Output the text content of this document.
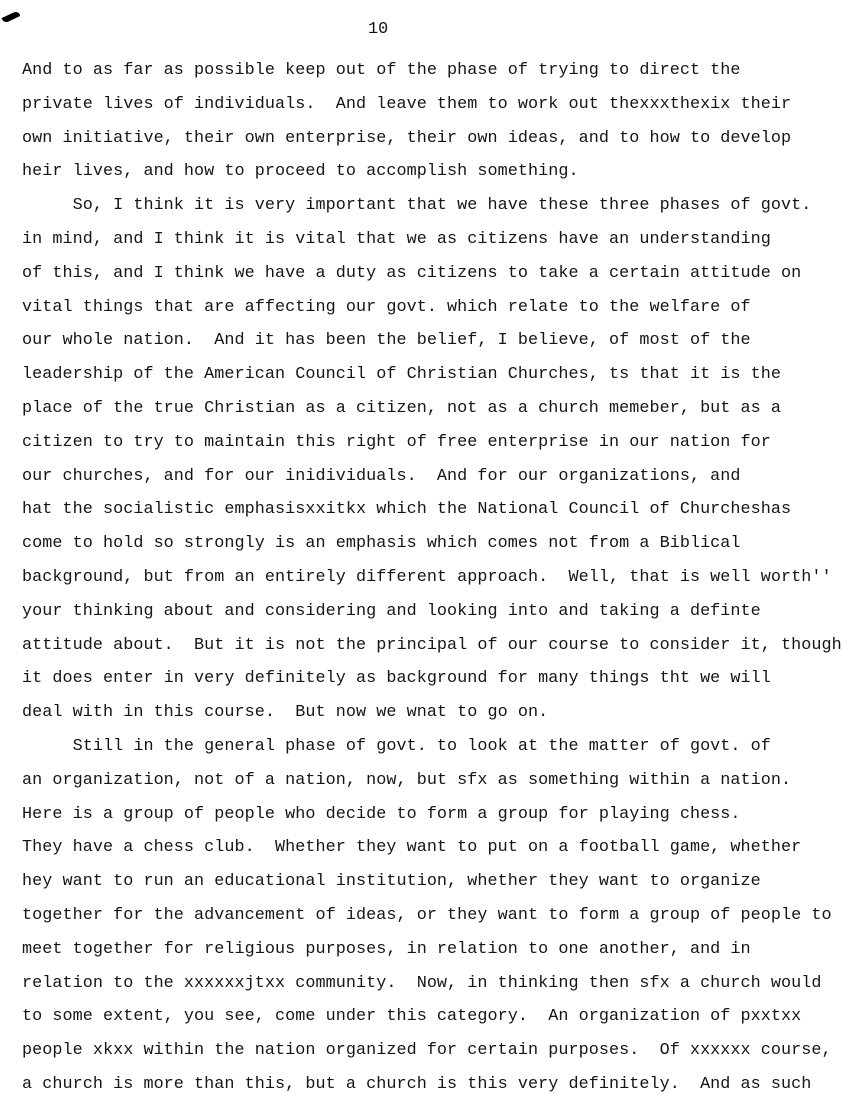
10
And to as far as possible keep out of the phase of trying to direct the
private lives of individuals.  And leave them to work out thexxxthexix their
own initiative, their own enterprise, their own ideas, and to how to develop
heir lives, and how to proceed to accomplish something.
So, I think it is very important that we have these three phases of govt.
in mind, and I think it is vital that we as citizens have an understanding
of this, and I think we have a duty as citizens to take a certain attitude on
vital things that are affecting our govt. which relate to the welfare of
our whole nation.  And it has been the belief, I believe, of most of the
leadership of the American Council of Christian Churches, ts that it is the
place of the true Christian as a citizen, not as a church memeber, but as a
citizen to try to maintain this right of free enterprise in our nation for
our churches, and for our inidividuals.  And for our organizations, and
hat the socialistic emphasisxxitkx which the National Council of Churcheshas
come to hold so strongly is an emphasis which comes not from a Biblical
background, but from an entirely different approach.  Well, that is well worth''
your thinking about and considering and looking into and taking a definte
attitude about.  But it is not the principal of our course to consider it, though
it does enter in very definitely as background for many things tht we will
deal with in this course.  But now we wnat to go on.
Still in the general phase of govt. to look at the matter of govt. of
an organization, not of a nation, now, but sfx as something within a nation.
Here is a group of people who decide to form a group for playing chess.
They have a chess club.  Whether they want to put on a football game, whether
hey want to run an educational institution, whether they want to organize
together for the advancement of ideas, or they want to form a group of people to
meet together for religious purposes, in relation to one another, and in
relation to the xxxxxxjtxx community.  Now, in thinking then sfx a church would
to some extent, you see, come under this category.  An organization of pxxtxx
people xkxx within the nation organized for certain purposes.  Of xxxxxx course,
a church is more than this, but a church is this very definitely.  And as such
